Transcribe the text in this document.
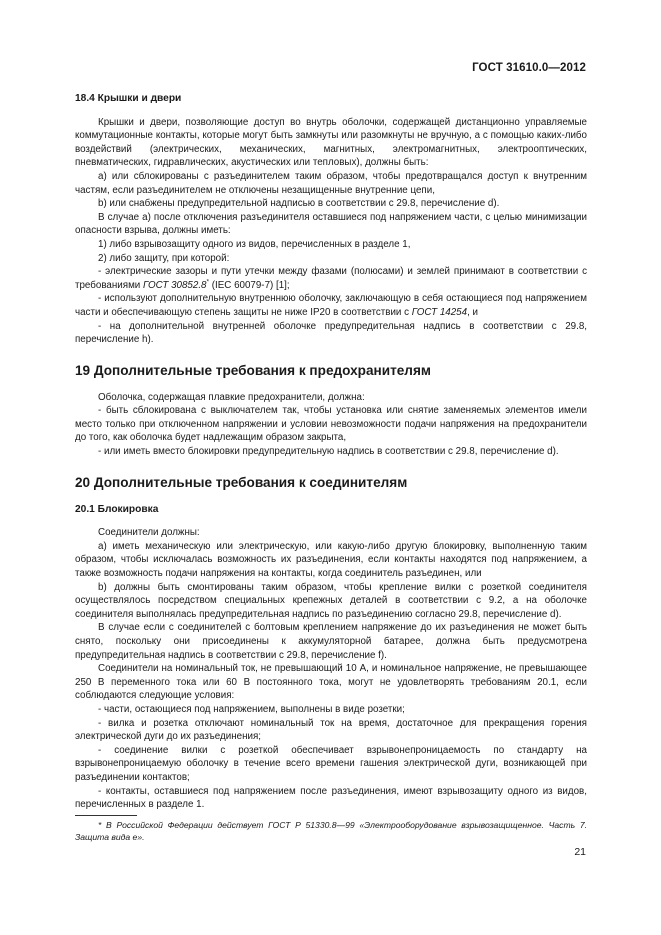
ГОСТ 31610.0—2012
18.4 Крышки и двери

Крышки и двери, позволяющие доступ во внутрь оболочки, содержащей дистанционно управляемые коммутационные контакты, которые могут быть замкнуты или разомкнуты не вручную, а с помощью каких-либо воздействий (электрических, механических, магнитных, электромагнитных, электрооптических, пневматических, гидравлических, акустических или тепловых), должны быть:

а) или сблокированы с разъединителем таким образом, чтобы предотвращался доступ к внутренним частям, если разъединителем не отключены незащищенные внутренние цепи,

b) или снабжены предупредительной надписью в соответствии с 29.8, перечисление d).

В случае а) после отключения разъединителя оставшиеся под напряжением части, с целью минимизации опасности взрыва, должны иметь:

1) либо взрывозащиту одного из видов, перечисленных в разделе 1,

2) либо защиту, при которой:

- электрические зазоры и пути утечки между фазами (полюсами) и землей принимают в соответствии с требованиями ГОСТ 30852.8* (IEC 60079-7) [1];

- используют дополнительную внутреннюю оболочку, заключающую в себя остающиеся под напряжением части и обеспечивающую степень защиты не ниже IP20 в соответствии с ГОСТ 14254, и

- на дополнительной внутренней оболочке предупредительная надпись в соответствии с 29.8, перечисление h).

19 Дополнительные требования к предохранителям

Оболочка, содержащая плавкие предохранители, должна:

- быть сблокирована с выключателем так, чтобы установка или снятие заменяемых элементов имели место только при отключенном напряжении и условии невозможности подачи напряжения на предохранители до того, как оболочка будет надлежащим образом закрыта,

- или иметь вместо блокировки предупредительную надпись в соответствии с 29.8, перечисление d).

20 Дополнительные требования к соединителям
20.1 Блокировка

Соединители должны:

а) иметь механическую или электрическую, или какую-либо другую блокировку, выполненную таким образом, чтобы исключалась возможность их разъединения, если контакты находятся под напряжением, а также возможность подачи напряжения на контакты, когда соединитель разъединен, или

b) должны быть смонтированы таким образом, чтобы крепление вилки с розеткой соединителя осуществлялось посредством специальных крепежных деталей в соответствии с 9.2, а на оболочке соединителя выполнялась предупредительная надпись по разъединению согласно 29.8, перечисление d).

В случае если с соединителей с болтовым креплением напряжение до их разъединения не может быть снято, поскольку они присоединены к аккумуляторной батарее, должна быть предусмотрена предупредительная надпись в соответствии с 29.8, перечисление f).

Соединители на номинальный ток, не превышающий 10 А, и номинальное напряжение, не превышающее 250 В переменного тока или 60 В постоянного тока, могут не удовлетворять требованиям 20.1, если соблюдаются следующие условия:

- части, остающиеся под напряжением, выполнены в виде розетки;

- вилка и розетка отключают номинальный ток на время, достаточное для прекращения горения электрической дуги до их разъединения;

- соединение вилки с розеткой обеспечивает взрывонепроницаемость по стандарту на взрывонепроницаемую оболочку в течение всего времени гашения электрической дуги, возникающей при разъединении контактов;

- контакты, оставшиеся под напряжением после разъединения, имеют взрывозащиту одного из видов, перечисленных в разделе 1.

* В Российской Федерации действует ГОСТ Р 51330.8—99 «Электрооборудование взрывозащищенное. Часть 7. Защита вида е».
21
